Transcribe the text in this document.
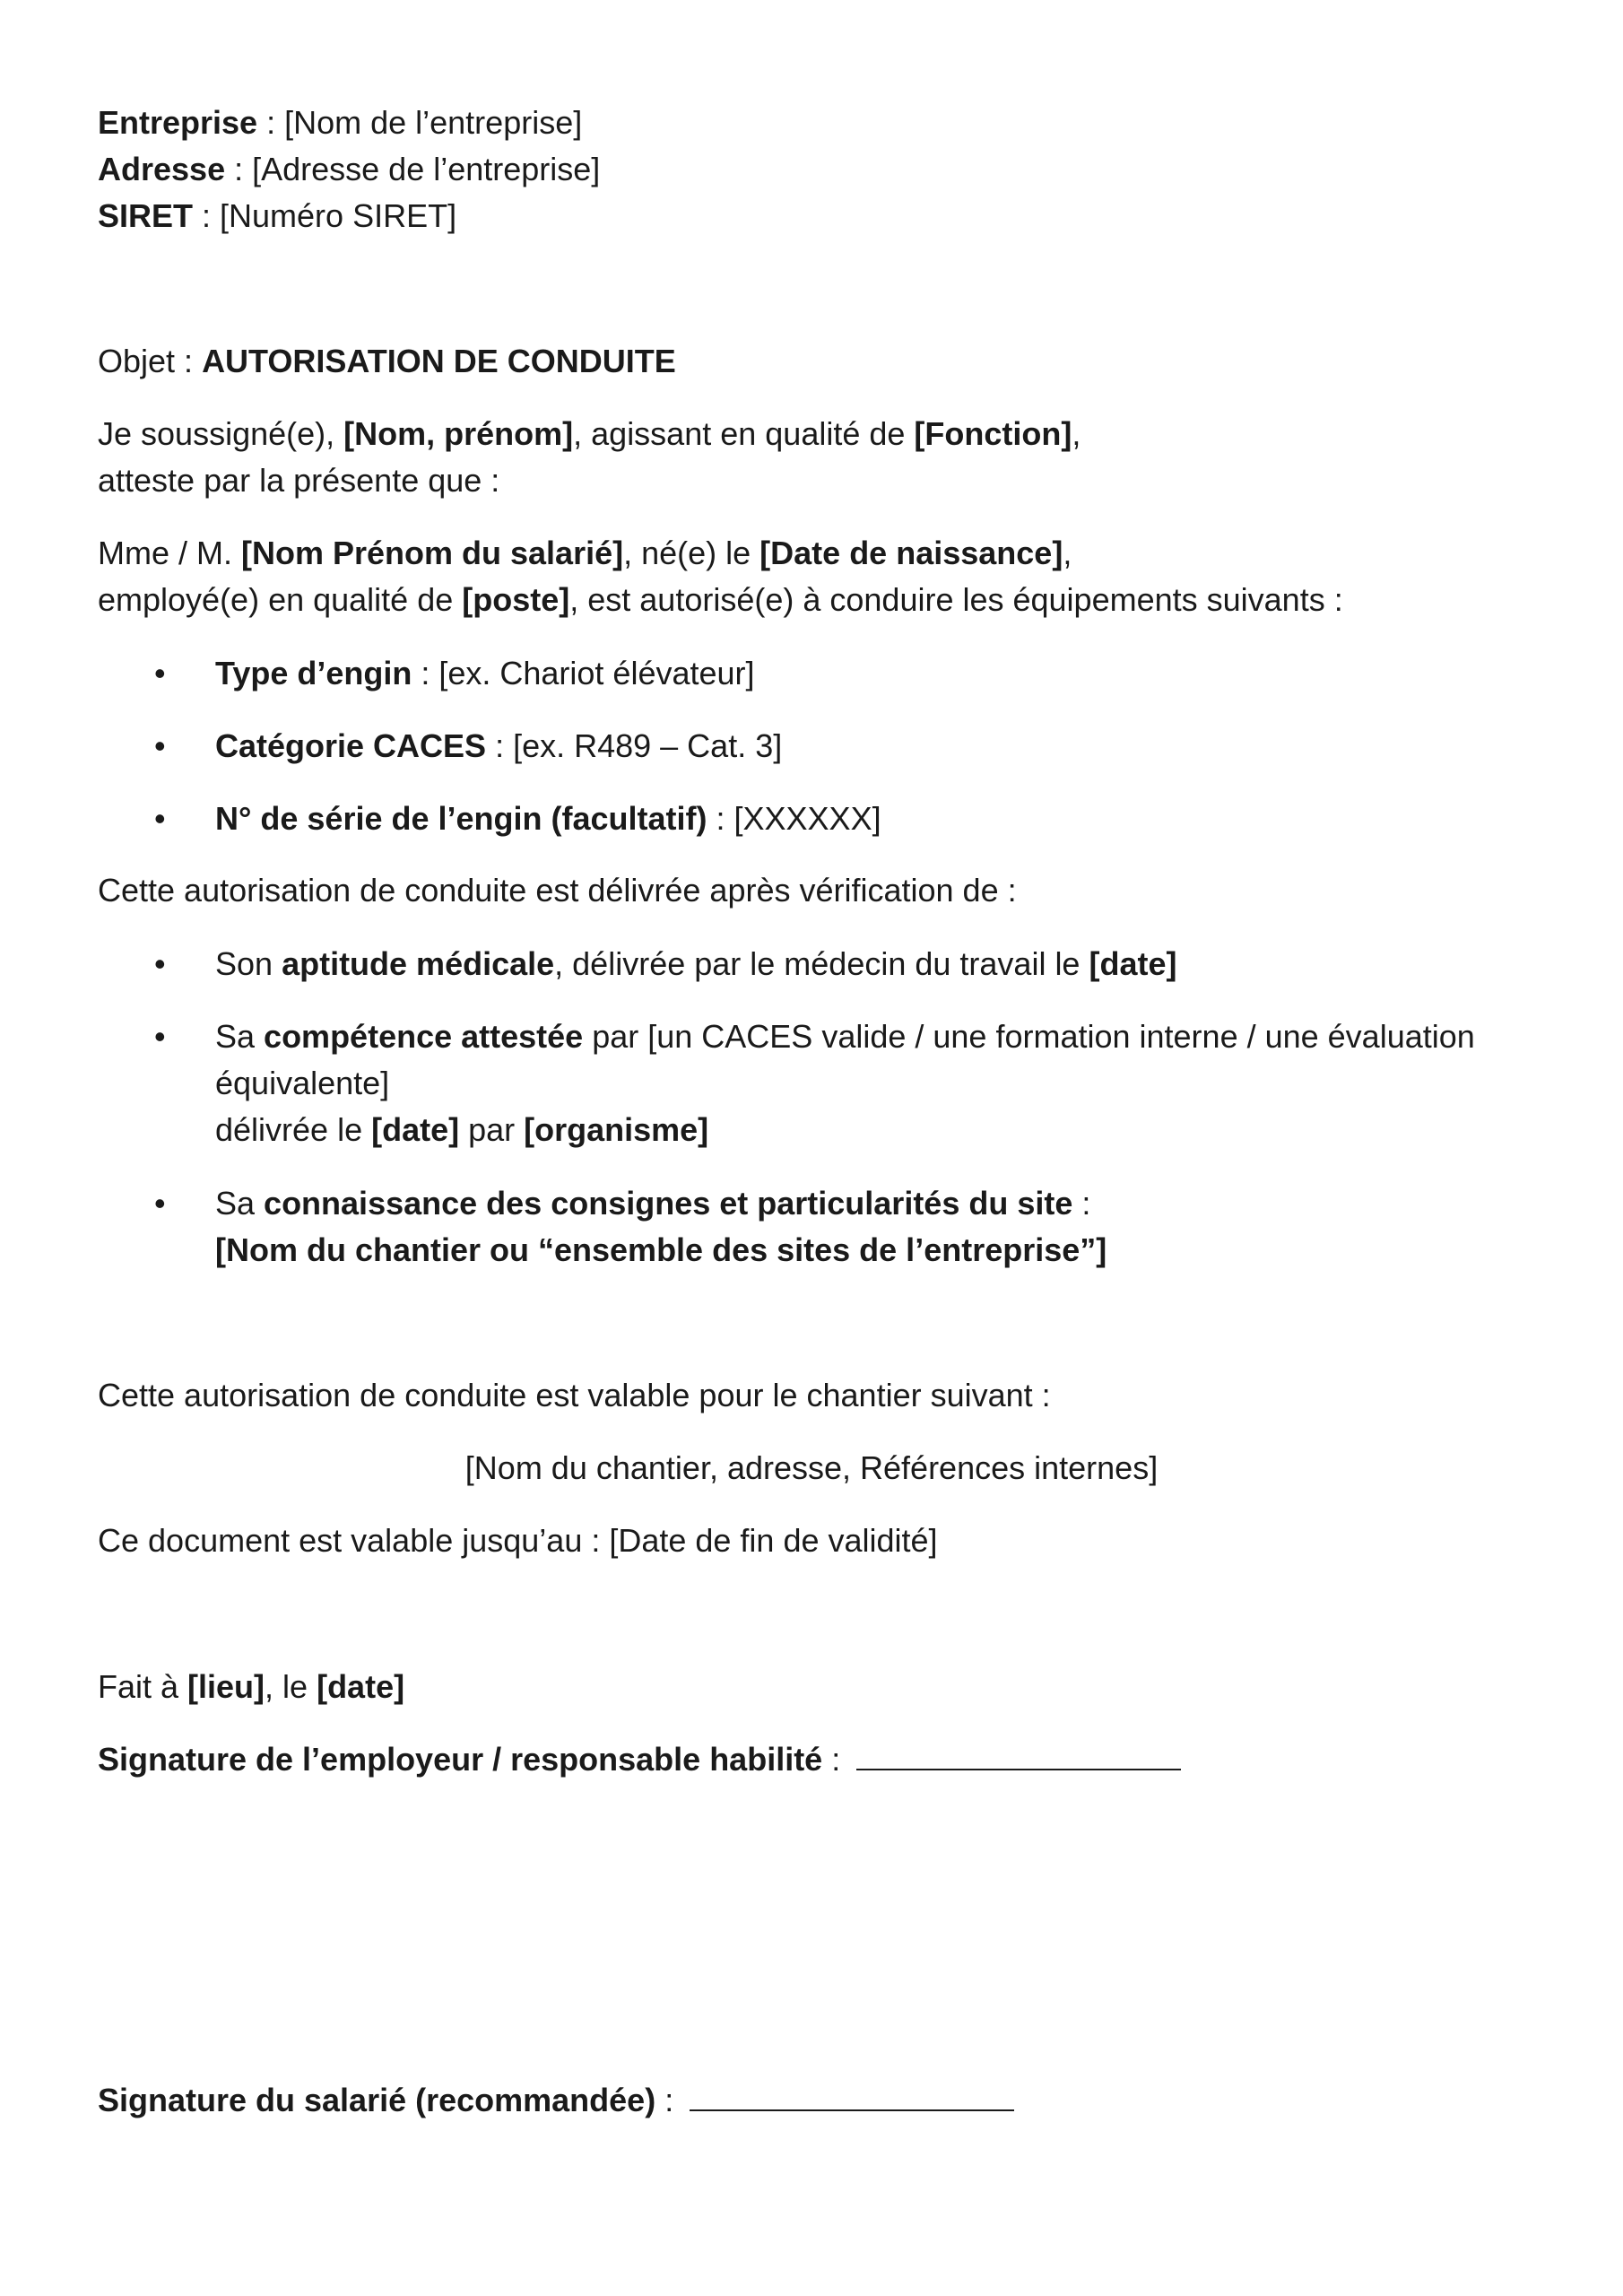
Entreprise : [Nom de l’entreprise]
Adresse : [Adresse de l’entreprise]
SIRET : [Numéro SIRET]
Objet : AUTORISATION DE CONDUITE
Je soussigné(e), [Nom, prénom], agissant en qualité de [Fonction],
atteste par la présente que :
Mme / M. [Nom Prénom du salarié], né(e) le [Date de naissance],
employé(e) en qualité de [poste], est autorisé(e) à conduire les équipements suivants :
• Type d’engin : [ex. Chariot élévateur]
• Catégorie CACES : [ex. R489 – Cat. 3]
• N° de série de l’engin (facultatif) : [XXXXXX]
Cette autorisation de conduite est délivrée après vérification de :
• Son aptitude médicale, délivrée par le médecin du travail le [date]
• Sa compétence attestée par [un CACES valide / une formation interne / une évaluation
équivalente]
délivrée le [date] par [organisme]
• Sa connaissance des consignes et particularités du site :
[Nom du chantier ou “ensemble des sites de l’entreprise”]
Cette autorisation de conduite est valable pour le chantier suivant :
[Nom du chantier, adresse, Références internes]
Ce document est valable jusqu’au : [Date de fin de validité]
Fait à [lieu], le [date]
Signature de l’employeur / responsable habilité :
Signature du salarié (recommandée) :
